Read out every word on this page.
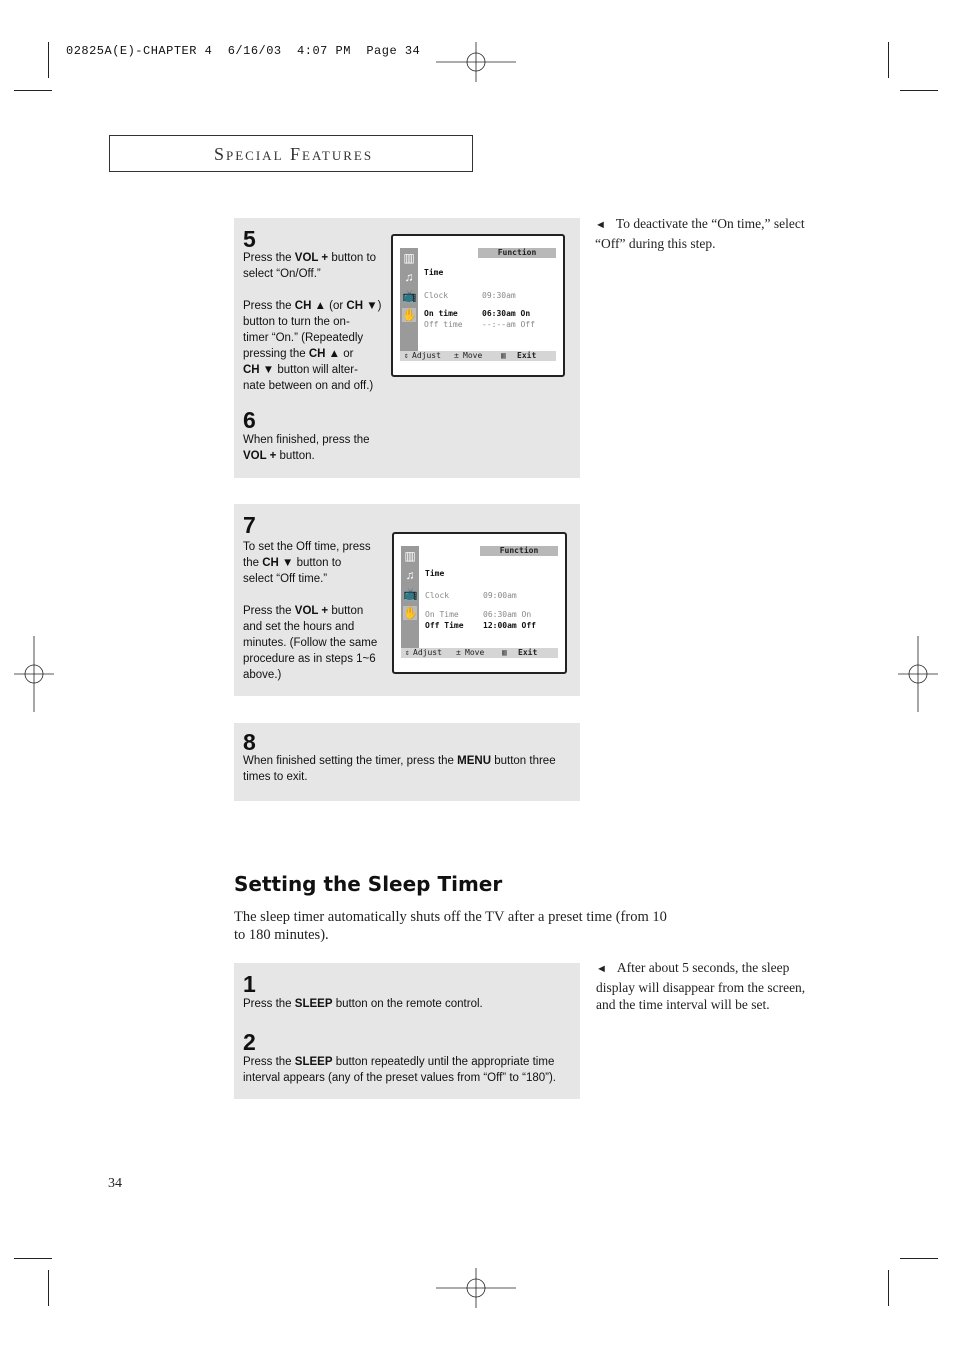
02825A(E)-CHAPTER 4  6/16/03  4:07 PM  Page 34
Special Features
5
Press the VOL + button to
select “On/Off.”

Press the CH ▲ (or CH ▼)
button to turn the on-
timer “On.” (Repeatedly
pressing the CH ▲ or
CH ▼ button will alter-
nate between on and off.)
6
When finished, press the
VOL + button.
▥
♫
📺
✋
Function
Time
Clock	09:30am
On time	06:30am On
Off time --:--am Off
⇕ Adjust ± Move ▥ Exit
7
To set the Off time, press
the CH ▼ button to
select “Off time.”

Press the VOL + button
and set the hours and
minutes. (Follow the same
procedure as in steps 1~6
above.)
▥
♫
📺
✋
Function
Time
Clock	09:00am
On Time	06:30am On
Off Time 12:00am Off
⇕ Adjust ± Move ▥ Exit
8
When finished setting the timer, press the MENU button three
times to exit.
◄ To deactivate the “On time,” select “Off” during this step.
Setting the Sleep Timer
The sleep timer automatically shuts off the TV after a preset time (from 10 to 180 minutes).
1
Press the SLEEP button on the remote control.
2
Press the SLEEP button repeatedly until the appropriate time
interval appears (any of the preset values from “Off” to “180”).
◄ After about 5 seconds, the sleep display will disappear from the screen, and the time interval will be set.
34
